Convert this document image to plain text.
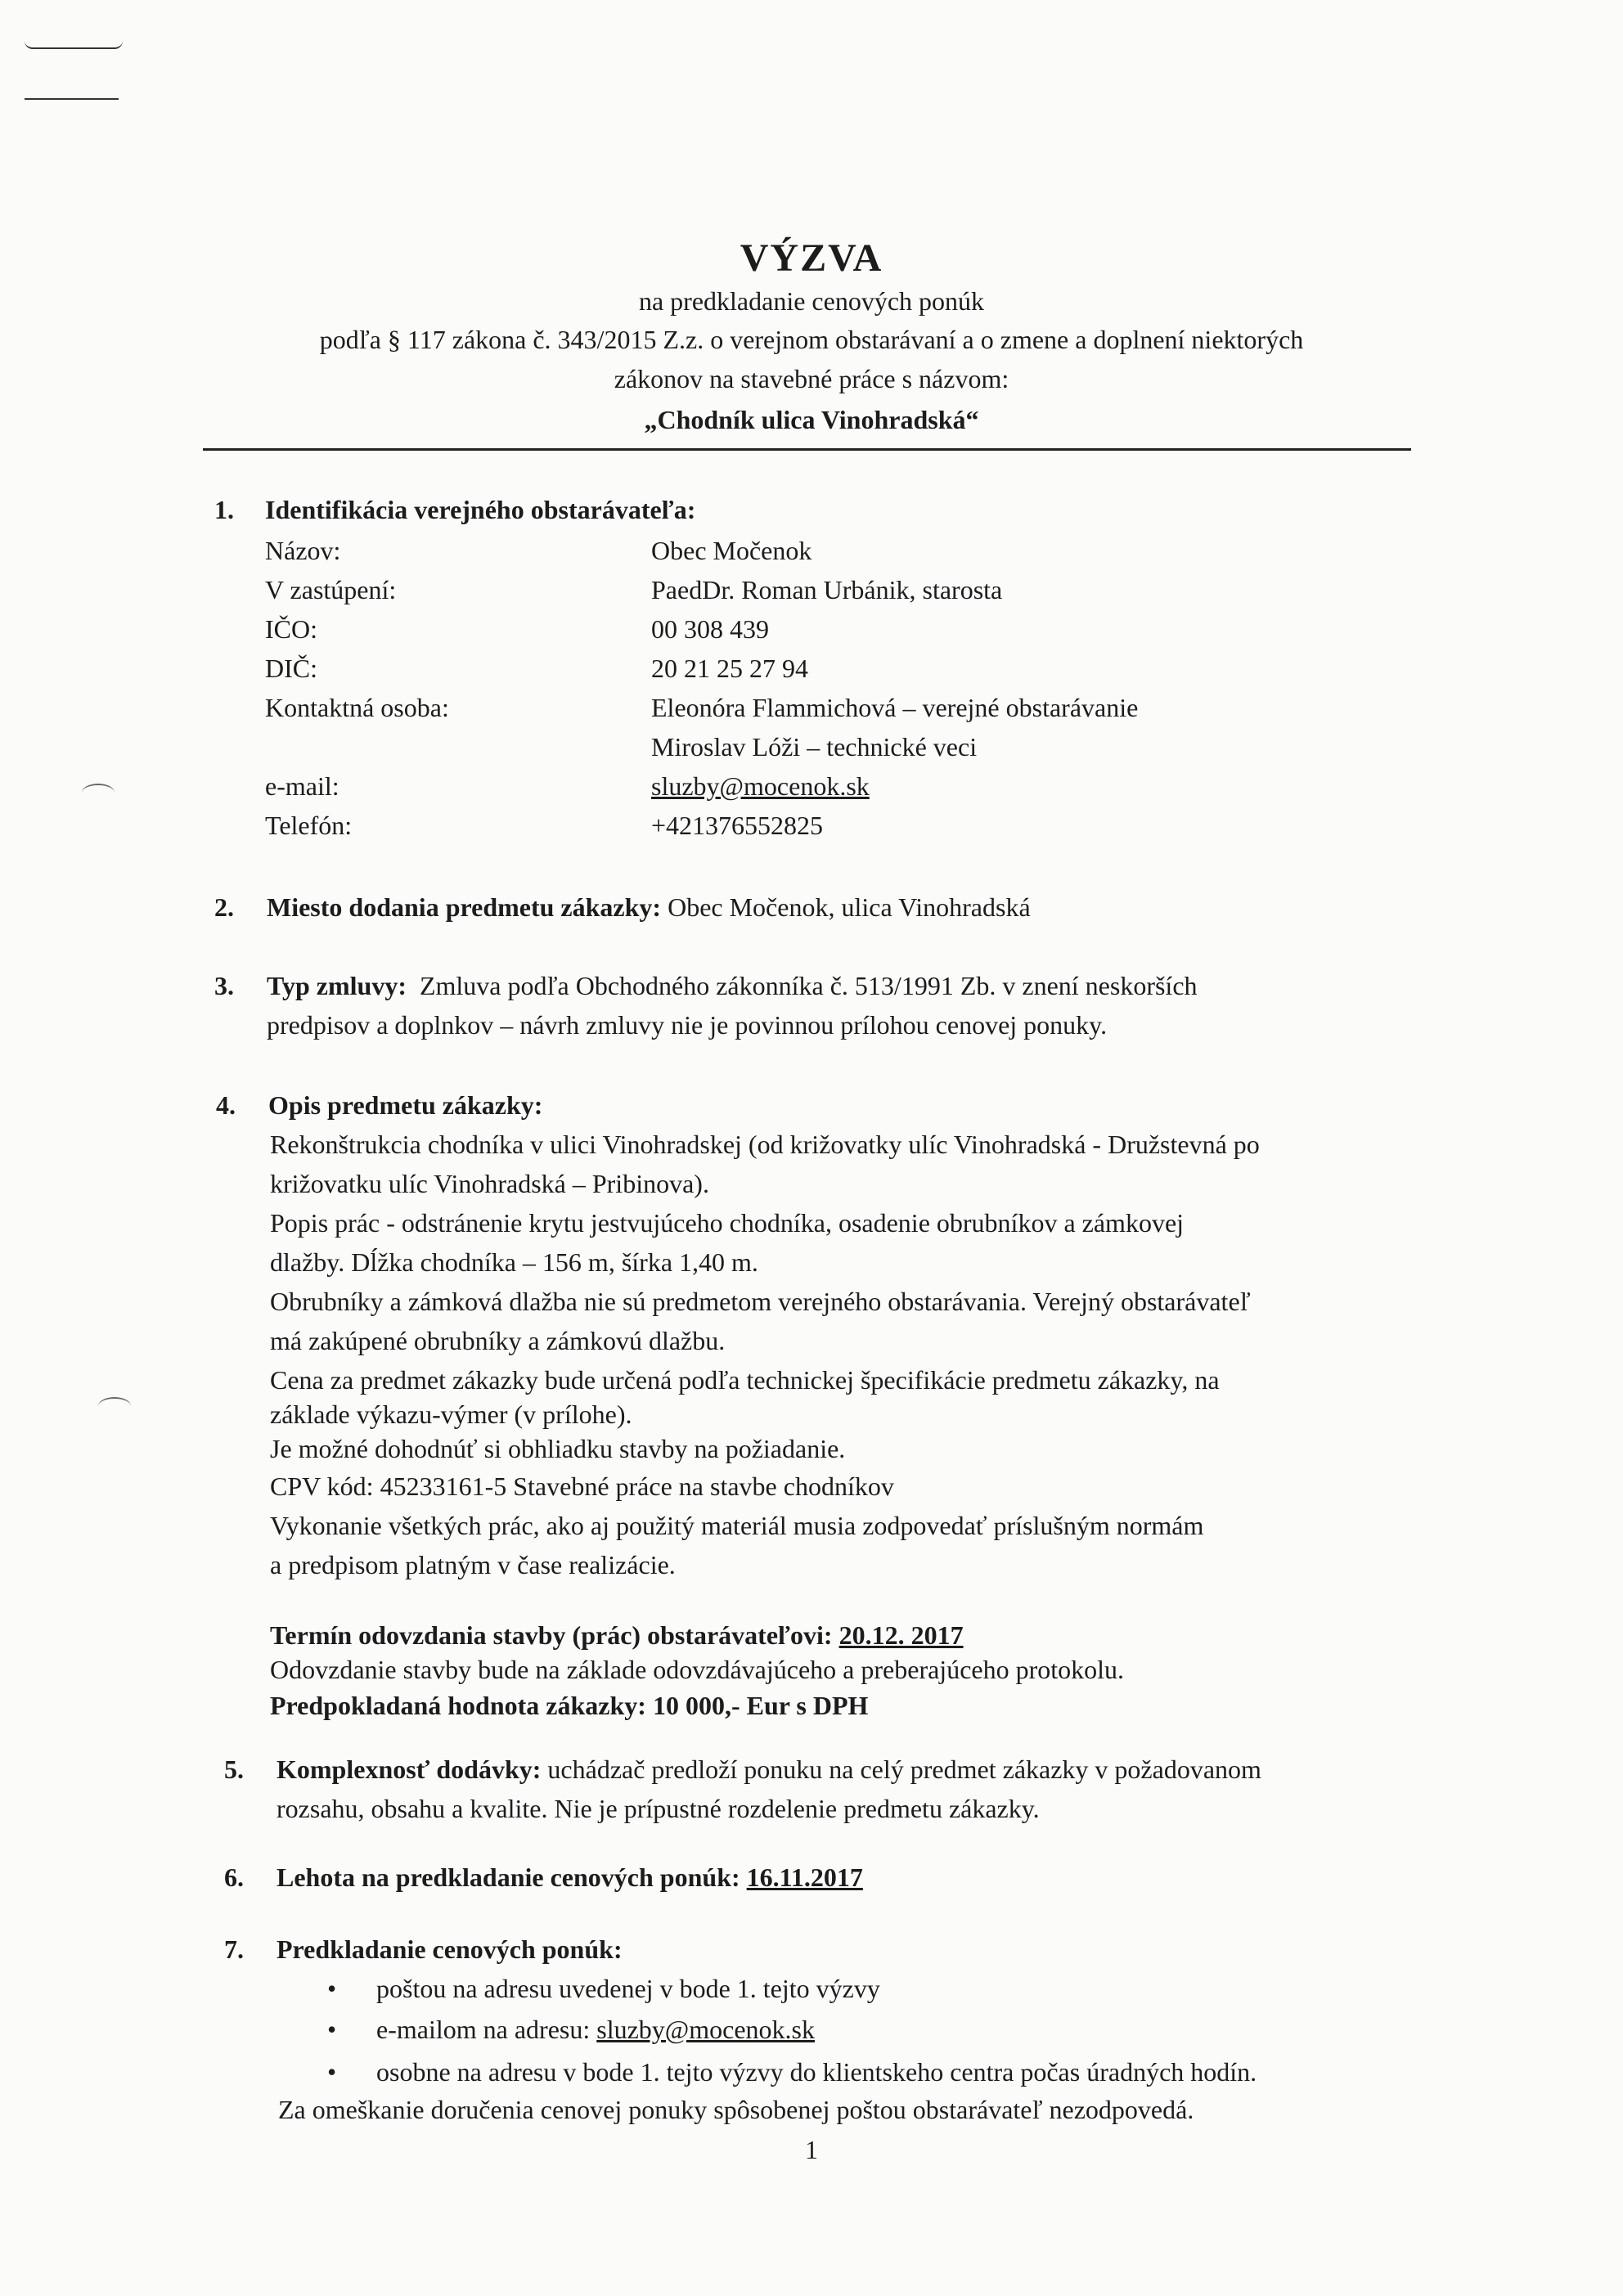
VÝZVA
na predkladanie cenových ponúk
podľa § 117 zákona č. 343/2015 Z.z. o verejnom obstarávaní a o zmene a doplnení niektorých
zákonov na stavebné práce s názvom:
„Chodník ulica Vinohradská“
1.	Identifikácia verejného obstarávateľa:
Názov:	Obec Močenok
V zastúpení:	PaedDr. Roman Urbánik, starosta
IČO:	00 308 439
DIČ:	20 21 25 27 94
Kontaktná osoba:	Eleonóra Flammichová – verejné obstarávanie
Miroslav Lóži – technické veci
e-mail:	sluzby@mocenok.sk
Telefón:	+421376552825
2.	Miesto dodania predmetu zákazky: Obec Močenok, ulica Vinohradská
3.	Typ zmluvy: Zmluva podľa Obchodného zákonníka č. 513/1991 Zb. v znení neskorších
predpisov a doplnkov – návrh zmluvy nie je povinnou prílohou cenovej ponuky.
4.	Opis predmetu zákazky:
Rekonštrukcia chodníka v ulici Vinohradskej (od križovatky ulíc Vinohradská - Družstevná po
križovatku ulíc Vinohradská – Pribinova).
Popis prác - odstránenie krytu jestvujúceho chodníka, osadenie obrubníkov a zámkovej
dlažby. Dĺžka chodníka – 156 m, šírka 1,40 m.
Obrubníky a zámková dlažba nie sú predmetom verejného obstarávania. Verejný obstarávateľ
má zakúpené obrubníky a zámkovú dlažbu.
Cena za predmet zákazky bude určená podľa technickej špecifikácie predmetu zákazky, na
základe výkazu-výmer (v prílohe).
Je možné dohodnúť si obhliadku stavby na požiadanie.
CPV kód: 45233161-5 Stavebné práce na stavbe chodníkov
Vykonanie všetkých prác, ako aj použitý materiál musia zodpovedať príslušným normám
a predpisom platným v čase realizácie.
Termín odovzdania stavby (prác) obstarávateľovi: 20.12. 2017
Odovzdanie stavby bude na základe odovzdávajúceho a preberajúceho protokolu.
Predpokladaná hodnota zákazky: 10 000,- Eur s DPH
5.	Komplexnosť dodávky: uchádzač predloží ponuku na celý predmet zákazky v požadovanom
rozsahu, obsahu a kvalite. Nie je prípustné rozdelenie predmetu zákazky.
6.	Lehota na predkladanie cenových ponúk: 16.11.2017
7.	Predkladanie cenových ponúk:
•	poštou na adresu uvedenej v bode 1. tejto výzvy
•	e-mailom na adresu: sluzby@mocenok.sk
•	osobne na adresu v bode 1. tejto výzvy do klientskeho centra počas úradných hodín.
Za omeškanie doručenia cenovej ponuky spôsobenej poštou obstarávateľ nezodpovedá.
1
